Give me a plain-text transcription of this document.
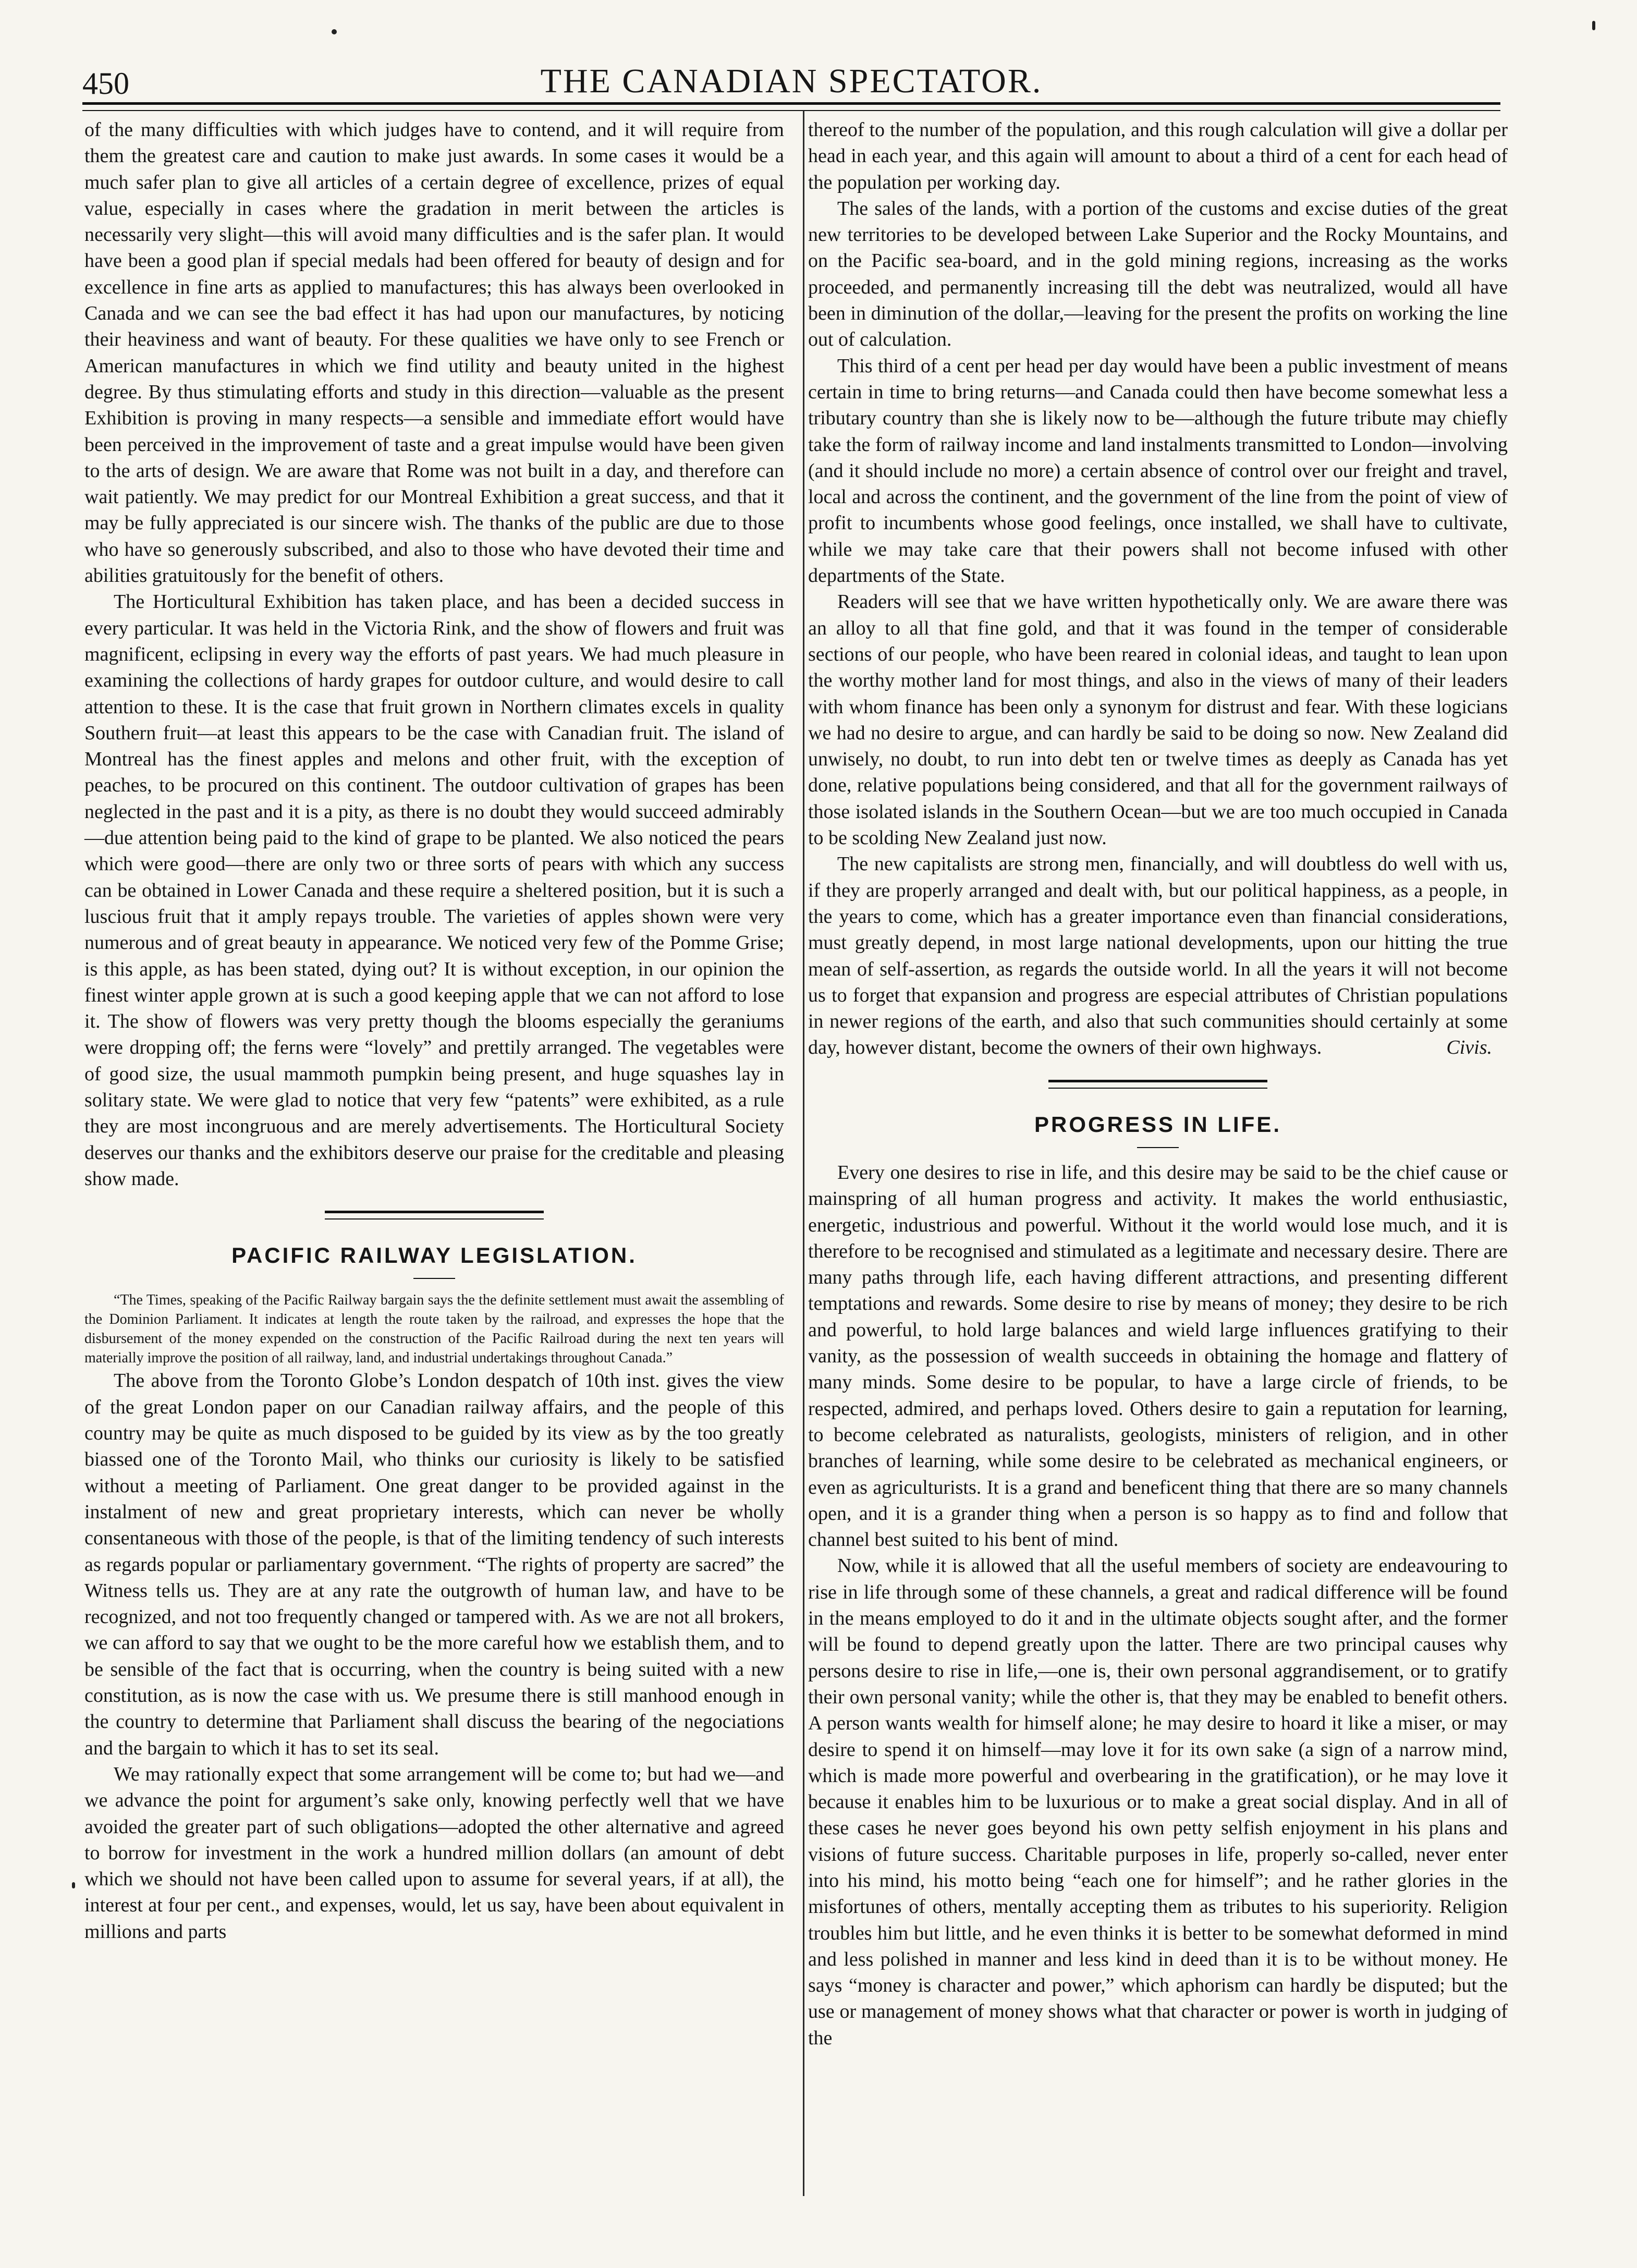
450	THE CANADIAN SPECTATOR.

of the many difficulties with which judges have to contend, and it will require from them the greatest care and caution to make just awards. In some cases it would be a much safer plan to give all articles of a certain degree of excellence, prizes of equal value, especially in cases where the gradation in merit between the articles is necessarily very slight—this will avoid many difficulties and is the safer plan. It would have been a good plan if special medals had been offered for beauty of design and for excellence in fine arts as applied to manufactures; this has always been overlooked in Canada and we can see the bad effect it has had upon our manufactures, by noticing their heaviness and want of beauty. For these qualities we have only to see French or American manufactures in which we find utility and beauty united in the highest degree. By thus stimulating efforts and study in this direction—valuable as the present Exhibition is proving in many respects—a sensible and immediate effort would have been perceived in the improvement of taste and a great impulse would have been given to the arts of design. We are aware that Rome was not built in a day, and therefore can wait patiently. We may predict for our Montreal Exhibition a great success, and that it may be fully appreciated is our sincere wish. The thanks of the public are due to those who have so generously subscribed, and also to those who have devoted their time and abilities gratuitously for the benefit of others.

The Horticultural Exhibition has taken place, and has been a decided success in every particular. It was held in the Victoria Rink, and the show of flowers and fruit was magnificent, eclipsing in every way the efforts of past years. We had much pleasure in examining the collections of hardy grapes for outdoor culture, and would desire to call attention to these. It is the case that fruit grown in Northern climates excels in quality Southern fruit—at least this appears to be the case with Canadian fruit. The island of Montreal has the finest apples and melons and other fruit, with the exception of peaches, to be procured on this continent. The outdoor cultivation of grapes has been neglected in the past and it is a pity, as there is no doubt they would succeed admirably—due attention being paid to the kind of grape to be planted. We also noticed the pears which were good—there are only two or three sorts of pears with which any success can be obtained in Lower Canada and these require a sheltered position, but it is such a luscious fruit that it amply repays trouble. The varieties of apples shown were very numerous and of great beauty in appearance. We noticed very few of the Pomme Grise; is this apple, as has been stated, dying out? It is without exception, in our opinion the finest winter apple grown at is such a good keeping apple that we can not afford to lose it. The show of flowers was very pretty though the blooms especially the geraniums were dropping off; the ferns were “lovely” and prettily arranged. The vegetables were of good size, the usual mammoth pumpkin being present, and huge squashes lay in solitary state. We were glad to notice that very few “patents” were exhibited, as a rule they are most incongruous and are merely advertisements. The Horticultural Society deserves our thanks and the exhibitors deserve our praise for the creditable and pleasing show made.

PACIFIC RAILWAY LEGISLATION.

“The Times, speaking of the Pacific Railway bargain says the the definite settlement must await the assembling of the Dominion Parliament. It indicates at length the route taken by the railroad, and expresses the hope that the disbursement of the money expended on the construction of the Pacific Railroad during the next ten years will materially improve the position of all railway, land, and industrial undertakings throughout Canada.”

The above from the Toronto Globe’s London despatch of 10th inst. gives the view of the great London paper on our Canadian railway affairs, and the people of this country may be quite as much disposed to be guided by its view as by the too greatly biassed one of the Toronto Mail, who thinks our curiosity is likely to be satisfied without a meeting of Parliament. One great danger to be provided against in the instalment of new and great proprietary interests, which can never be wholly consentaneous with those of the people, is that of the limiting tendency of such interests as regards popular or parliamentary government. “The rights of property are sacred” the Witness tells us. They are at any rate the outgrowth of human law, and have to be recognized, and not too frequently changed or tampered with. As we are not all brokers, we can afford to say that we ought to be the more careful how we establish them, and to be sensible of the fact that is occurring, when the country is being suited with a new constitution, as is now the case with us. We presume there is still manhood enough in the country to determine that Parliament shall discuss the bearing of the negociations and the bargain to which it has to set its seal.

We may rationally expect that some arrangement will be come to; but had we—and we advance the point for argument’s sake only, knowing perfectly well that we have avoided the greater part of such obligations—adopted the other alternative and agreed to borrow for investment in the work a hundred million dollars (an amount of debt which we should not have been called upon to assume for several years, if at all), the interest at four per cent., and expenses, would, let us say, have been about equivalent in millions and parts

thereof to the number of the population, and this rough calculation will give a dollar per head in each year, and this again will amount to about a third of a cent for each head of the population per working day.

The sales of the lands, with a portion of the customs and excise duties of the great new territories to be developed between Lake Superior and the Rocky Mountains, and on the Pacific sea-board, and in the gold mining regions, increasing as the works proceeded, and permanently increasing till the debt was neutralized, would all have been in diminution of the dollar,—leaving for the present the profits on working the line out of calculation.

This third of a cent per head per day would have been a public investment of means certain in time to bring returns—and Canada could then have become somewhat less a tributary country than she is likely now to be—although the future tribute may chiefly take the form of railway income and land instalments transmitted to London—involving (and it should include no more) a certain absence of control over our freight and travel, local and across the continent, and the government of the line from the point of view of profit to incumbents whose good feelings, once installed, we shall have to cultivate, while we may take care that their powers shall not become infused with other departments of the State.

Readers will see that we have written hypothetically only. We are aware there was an alloy to all that fine gold, and that it was found in the temper of considerable sections of our people, who have been reared in colonial ideas, and taught to lean upon the worthy mother land for most things, and also in the views of many of their leaders with whom finance has been only a synonym for distrust and fear. With these logicians we had no desire to argue, and can hardly be said to be doing so now. New Zealand did unwisely, no doubt, to run into debt ten or twelve times as deeply as Canada has yet done, relative populations being considered, and that all for the government railways of those isolated islands in the Southern Ocean—but we are too much occupied in Canada to be scolding New Zealand just now.

The new capitalists are strong men, financially, and will doubtless do well with us, if they are properly arranged and dealt with, but our political happiness, as a people, in the years to come, which has a greater importance even than financial considerations, must greatly depend, in most large national developments, upon our hitting the true mean of self-assertion, as regards the outside world. In all the years it will not become us to forget that expansion and progress are especial attributes of Christian populations in newer regions of the earth, and also that such communities should certainly at some day, however distant, become the owners of their own highways.	Civis.

PROGRESS IN LIFE.

Every one desires to rise in life, and this desire may be said to be the chief cause or mainspring of all human progress and activity. It makes the world enthusiastic, energetic, industrious and powerful. Without it the world would lose much, and it is therefore to be recognised and stimulated as a legitimate and necessary desire. There are many paths through life, each having different attractions, and presenting different temptations and rewards. Some desire to rise by means of money; they desire to be rich and powerful, to hold large balances and wield large influences gratifying to their vanity, as the possession of wealth succeeds in obtaining the homage and flattery of many minds. Some desire to be popular, to have a large circle of friends, to be respected, admired, and perhaps loved. Others desire to gain a reputation for learning, to become celebrated as naturalists, geologists, ministers of religion, and in other branches of learning, while some desire to be celebrated as mechanical engineers, or even as agriculturists. It is a grand and beneficent thing that there are so many channels open, and it is a grander thing when a person is so happy as to find and follow that channel best suited to his bent of mind.

Now, while it is allowed that all the useful members of society are endeavouring to rise in life through some of these channels, a great and radical difference will be found in the means employed to do it and in the ultimate objects sought after, and the former will be found to depend greatly upon the latter. There are two principal causes why persons desire to rise in life,—one is, their own personal aggrandisement, or to gratify their own personal vanity; while the other is, that they may be enabled to benefit others. A person wants wealth for himself alone; he may desire to hoard it like a miser, or may desire to spend it on himself—may love it for its own sake (a sign of a narrow mind, which is made more powerful and overbearing in the gratification), or he may love it because it enables him to be luxurious or to make a great social display. And in all of these cases he never goes beyond his own petty selfish enjoyment in his plans and visions of future success. Charitable purposes in life, properly so-called, never enter into his mind, his motto being “each one for himself”; and he rather glories in the misfortunes of others, mentally accepting them as tributes to his superiority. Religion troubles him but little, and he even thinks it is better to be somewhat deformed in mind and less polished in manner and less kind in deed than it is to be without money. He says “money is character and power,” which aphorism can hardly be disputed; but the use or management of money shows what that character or power is worth in judging of the
